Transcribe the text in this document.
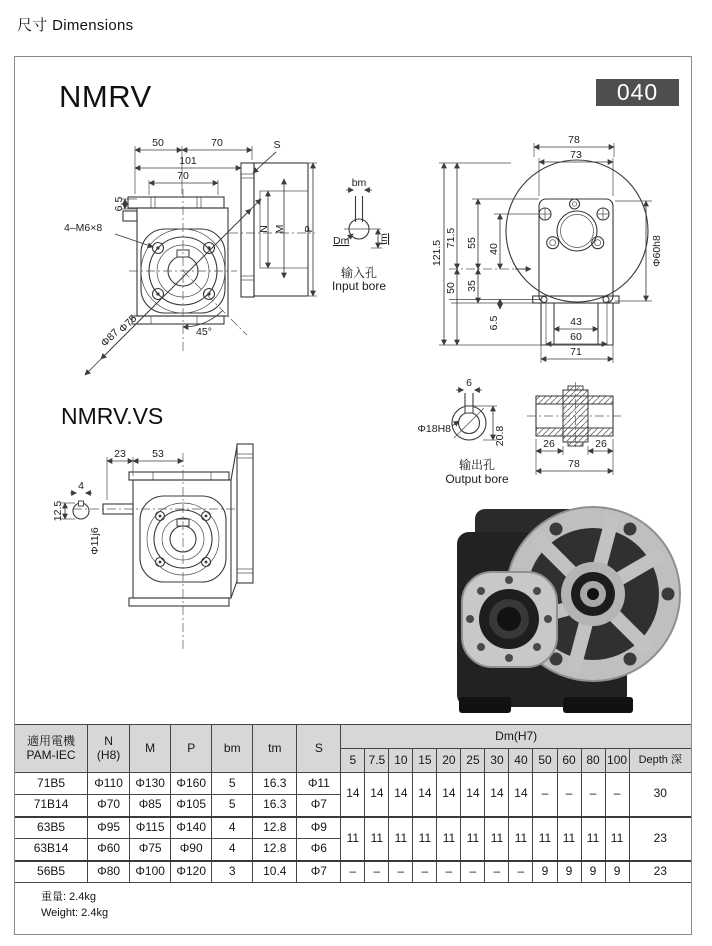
尺寸 Dimensions
NMRV	040
NMRV.VS
50	70
101
70
6.5
S
4–M6×8	N M P
Φ75
Φ87	45°
bm
tm
Dm
输入孔
Input bore
78
73
121.5
71.5 55
40
35
50
6.5
Φ60h8
43
60
71
4
12.5
Φ11j6
23	53
6
Φ18H8	20.8
输出孔
Output bore
26	26
78
適用電機
PAM-IEC

N
(H8)	M	P	bm	tm	S	Dm(H7)
							5	7.5	10	15	20	25	30	40	50	60	80	100	Depth 深
71B5	Φ110	Φ130	Φ160	5	16.3	Φ11	14	14	14	14	14	14	14	14	–	–	–	–	30
71B14	Φ70	Φ85	Φ105	5	16.3	Φ7													
63B5	Φ95	Φ115	Φ140	4	12.8	Φ9	11	11	11	11	11	11	11	11	11	11	11	11	23
63B14	Φ60	Φ75	Φ90	4	12.8	Φ6													
56B5	Φ80	Φ100	Φ120	3	10.4	Φ7	–	–	–	–	–	–	–	–	9	9	9	9	23
重量: 2.4kg
Weight: 2.4kg
